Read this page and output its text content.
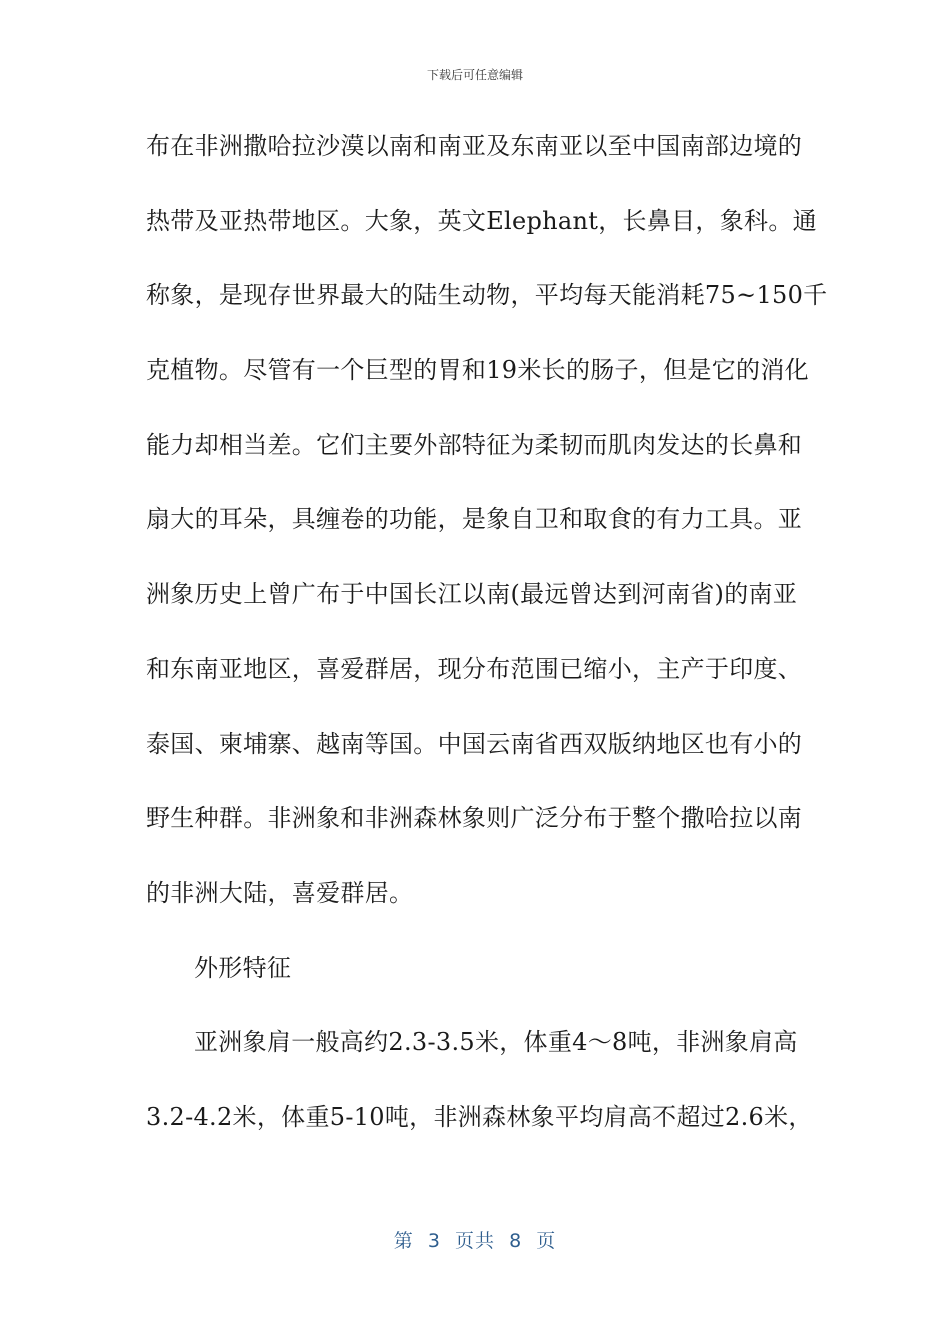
下载后可任意编辑
布在非洲撒哈拉沙漠以南和南亚及东南亚以至中国南部边境的
热带及亚热带地区。大象，英文Elephant，长鼻目，象科。通
称象，是现存世界最大的陆生动物，平均每天能消耗75~150千
克植物。尽管有一个巨型的胃和19米长的肠子，但是它的消化
能力却相当差。它们主要外部特征为柔韧而肌肉发达的长鼻和
扇大的耳朵，具缠卷的功能，是象自卫和取食的有力工具。亚
洲象历史上曾广布于中国长江以南(最远曾达到河南省)的南亚
和东南亚地区，喜爱群居，现分布范围已缩小，主产于印度、
泰国、柬埔寨、越南等国。中国云南省西双版纳地区也有小的
野生种群。非洲象和非洲森林象则广泛分布于整个撒哈拉以南
的非洲大陆，喜爱群居。
外形特征
亚洲象肩一般高约2.3-3.5米，体重4～8吨，非洲象肩高
3.2-4.2米，体重5-10吨，非洲森林象平均肩高不超过2.6米，
第  3  页共  8  页
